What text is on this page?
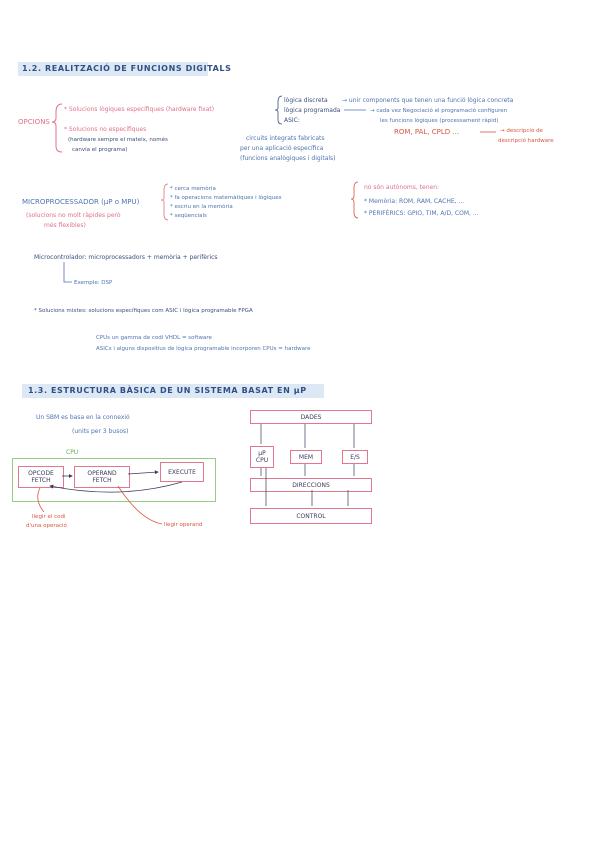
1.2. REALITZACIÓ DE FUNCIONS DIGITALS
OPCIONS
* Solucions lògiques específiques (hardware fixat)
* Solucions no específiques
(hardware sempre el mateix, només
canvia el programa)
lògica discreta → unir components que tenen una funció lògica concreta
lògica programada	→ cada vez Negociació el programació configuren
les funcions lògiques (processament ràpid)
ASIC:
circuits integrats fabricats
per una aplicació específica
(funcions analògiques i digitals)
ROM, PAL, CPLD ...	→ descripció de
descripció hardware
MICROPROCESSADOR (µP o MPU)
(solucions no molt ràpides però
més flexibles)
* cerca memòria
* fa operacions matemàtiques i lògiques
* escriu en la memòria
* seqüencials
no són autònoms, tenen:
* Memòria: ROM, RAM, CACHE, ...
* PERIFÈRICS: GPIO, TIM, A/D, COM, ...
Microcontrolador: microprocessadors + memòria + perifèrics
Exemple: DSP
* Solucions mixtes: solucions específiques com ASIC i lògica programable FPGA
CPUs un gamma de codi VHDL = software
ASICs i alguns dispositius de lògica programable incorporen CPUs = hardware
1.3. ESTRUCTURA BÀSICA DE UN SISTEMA BASAT EN µP
Un SBM es basa en la connexió
(units per 3 busos)
CPU
OPCODE
FETCH
OPERAND
FETCH
EXECUTE
llegir el codi
d'una operació	llegir operand
DADES
µP
CPU	MEM	E/S
DIRECCIONS
CONTROL
